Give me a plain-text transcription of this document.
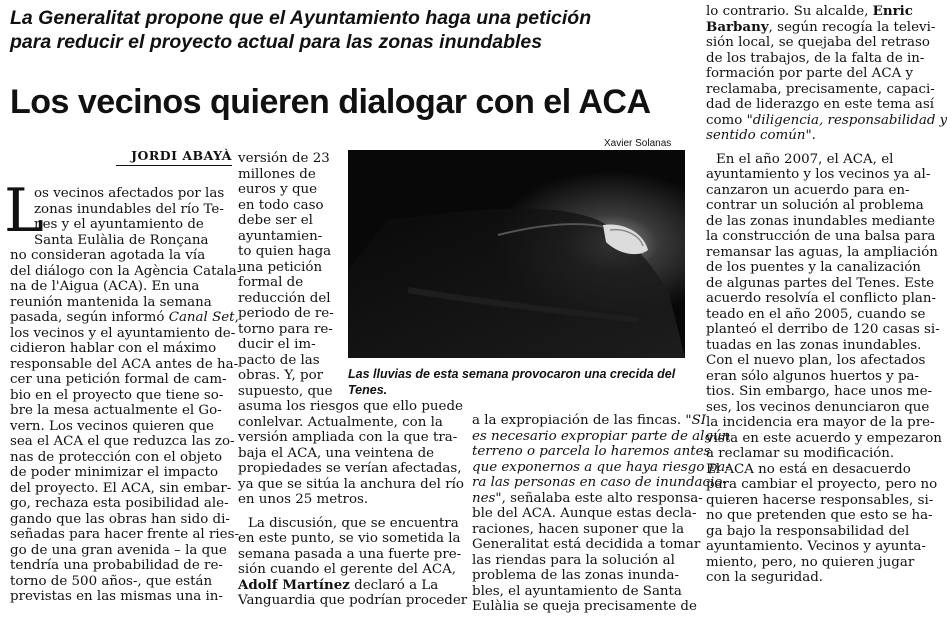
La Generalitat propone que el Ayuntamiento haga una petición
para reducir el proyecto actual para las zonas inundables
Los vecinos quieren dialogar con el ACA
JORDI ABAYÀ
L
os vecinos afectados por las
zonas inundables del río Te-
nes y el ayuntamiento de
Santa Eulàlia de Ronçana
no consideran agotada la vía
del diálogo con la Agència Catala-
na de l'Aigua (ACA). En una
reunión mantenida la semana
pasada, según informó Canal Set,
los vecinos y el ayuntamiento de-
cidieron hablar con el máximo
responsable del ACA antes de ha-
cer una petición formal de cam-
bio en el proyecto que tiene so-
bre la mesa actualmente el Go-
vern. Los vecinos quieren que
sea el ACA el que reduzca las zo-
nas de protección con el objeto
de poder minimizar el impacto
del proyecto. El ACA, sin embar-
go, rechaza esta posibilidad ale-
gando que las obras han sido di-
señadas para hacer frente al ries-
go de una gran avenida – la que
tendría una probabilidad de re-
torno de 500 años-, que están
previstas en las mismas una in-
versión de 23
millones de
euros y que
en todo caso
debe ser el
ayuntamien-
to quien haga
una petición
formal de
reducción del
periodo de re-
torno para re-
ducir el im-
pacto de las
obras. Y, por
supuesto, que
asuma los riesgos que ello puede
conlelvar. Actualmente, con la
versión ampliada con la que tra-
baja el ACA, una veintena de
propiedades se verían afectadas,
ya que se sitúa la anchura del río
en unos 25 metros.
La discusión, que se encuentra
en este punto, se vio sometida la
semana pasada a una fuerte pre-
sión cuando el gerente del ACA,
Adolf Martínez declaró a La
Vanguardia que podrían proceder
Xavier Solanas
Las lluvias de esta semana provocaron una crecida del Tenes.
a la expropiación de las fincas. "SI
es necesario expropiar parte de algún
terreno o parcela lo haremos antes
que exponernos a que haya riesgo pa-
ra las personas en caso de inundacio-
nes", señalaba este alto responsa-
ble del ACA. Aunque estas decla-
raciones, hacen suponer que la
Generalitat está decidida a tomar
las riendas para la solución al
problema de las zonas inunda-
bles, el ayuntamiento de Santa
Eulàlia se queja precisamente de
lo contrario. Su alcalde, Enric
Barbany, según recogía la televi-
sión local, se quejaba del retraso
de los trabajos, de la falta de in-
formación por parte del ACA y
reclamaba, precisamente, capaci-
dad de liderazgo en este tema así
como "diligencia, responsabilidad y
sentido común".
En el año 2007, el ACA, el
ayuntamiento y los vecinos ya al-
canzaron un acuerdo para en-
contrar un solución al problema
de las zonas inundables mediante
la construcción de una balsa para
remansar las aguas, la ampliación
de los puentes y la canalización
de algunas partes del Tenes. Este
acuerdo resolvía el conflicto plan-
teado en el año 2005, cuando se
planteó el derribo de 120 casas si-
tuadas en las zonas inundables.
Con el nuevo plan, los afectados
eran sólo algunos huertos y pa-
tios. Sin embargo, hace unos me-
ses, los vecinos denunciaron que
la incidencia era mayor de la pre-
vista en este acuerdo y empezaron
a reclamar su modificación.
El ACA no está en desacuerdo
para cambiar el proyecto, pero no
quieren hacerse responsables, si-
no que pretenden que esto se ha-
ga bajo la responsabilidad del
ayuntamiento. Vecinos y ayunta-
miento, pero, no quieren jugar
con la seguridad.
